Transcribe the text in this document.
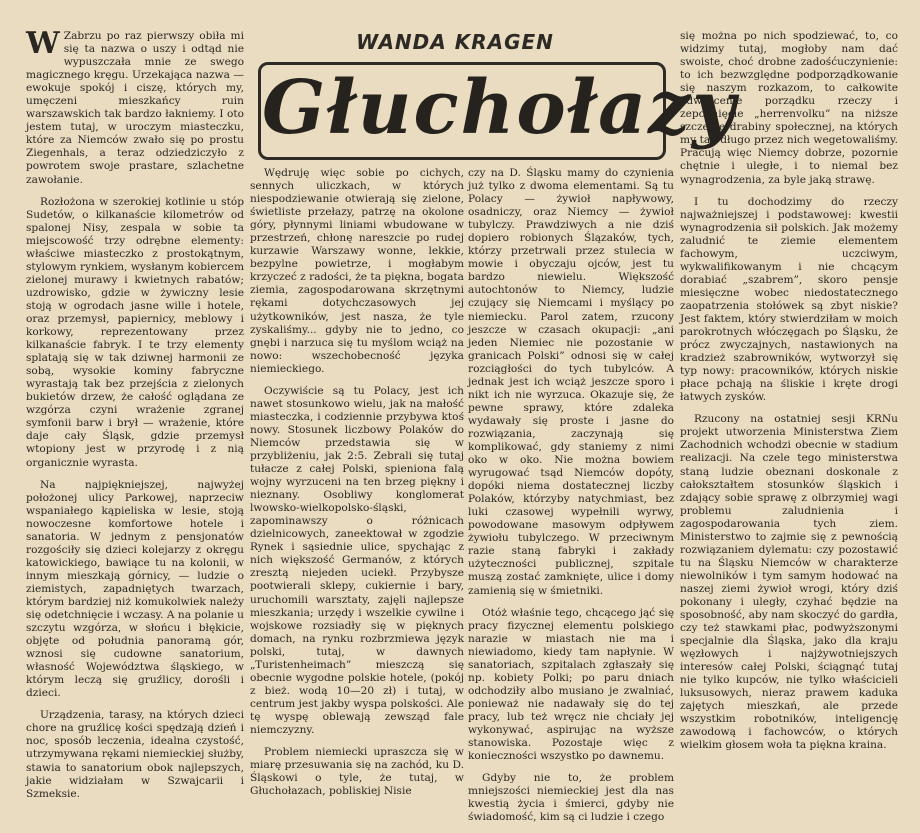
WANDA KRAGEN
Głuchołazy

W Zabrzu po raz pierwszy obiła mi się ta nazwa o uszy i odtąd nie wypuszczała mnie ze swego magicznego kręgu. Urzekająca nazwa — ewokuje spokój i ciszę, których my, umęczeni mieszkańcy ruin warszawskich tak bardzo łakniemy. I oto jestem tutaj, w uroczym miasteczku, które za Niemców zwało się po prostu Ziegenhals, a teraz odziedziczyło z powrotem swoje prastare, szlachetne zawołanie.

Rozłożona w szerokiej kotlinie u stóp Sudetów, o kilkanaście kilometrów od spalonej Nisy, zespala w sobie ta miejscowość trzy odrębne elementy: właściwe miasteczko z prostokątnym, stylowym rynkiem, wysłanym kobiercem zielonej murawy i kwietnych rabatów; uzdrowisko, gdzie w żywiczny lesie stoją w ogrodach jasne wille i hotele, oraz przemysł, papiernicy, meblowy i korkowy, reprezentowany przez kilkanaście fabryk. I te trzy elementy splatają się w tak dziwnej harmonii ze sobą, wysokie kominy fabryczne wyrastają tak bez przejścia z zielonych bukietów drzew, że całość oglądana ze wzgórza czyni wrażenie zgranej symfonii barw i brył — wrażenie, które daje cały Śląsk, gdzie przemysł wtopiony jest w przyrodę i z nią organicznie wyrasta.

Na najpiękniejszej, najwyżej położonej ulicy Parkowej, naprzeciw wspaniałego kąpieliska w lesie, stoją nowoczesne komfortowe hotele i sanatoria. W jednym z pensjonatów rozgościły się dzieci kolejarzy z okręgu katowickiego, bawiące tu na kolonii, w innym mieszkają górnicy, — ludzie o ziemistych, zapadniętych twarzach, którym bardziej niż komukolwiek należy się odetchnięcie i wczasy. A na polanie u szczytu wzgórza, w słońcu i błękicie, objęte od południa panoramą gór, wznosi się cudowne sanatorium, własność Województwa śląskiego, w którym leczą się gruźlicy, dorośli i dzieci.

Urządzenia, tarasy, na których dzieci chore na gruźlicę kości spędzają dzień i noc, sposób leczenia, idealna czystość, utrzymywana rękami niemieckiej służby, stawia to sanatorium obok najlepszych, jakie widziałam w Szwajcarii i Szmeksie.

Wędruję więc sobie po cichych, sennych uliczkach, w których niespodziewanie otwierają się zielone, świetliste przełazy, patrzę na okolone góry, płynnymi liniami wbudowane w przestrzeń, chłonę nareszcie po rudej kurzawie Warszawy wonne, lekkie, bezpylne powietrze, i mogłabym krzyczeć z radości, że ta piękna, bogata ziemia, zagospodarowana skrzętnymi rękami dotychczasowych jej użytkowników, jest nasza, że tyle zyskaliśmy... gdyby nie to jedno, co gnębi i narzuca się tu myślom wciąż na nowo: wszechobecność języka niemieckiego.

Oczywiście są tu Polacy, jest ich nawet stosunkowo wielu, jak na małość miasteczka, i codziennie przybywa ktoś nowy. Stosunek liczbowy Polaków do Niemców przedstawia się w przybliżeniu, jak 2:5. Zebrali się tutaj tułacze z całej Polski, spieniona falą wojny wyrzuceni na ten brzeg piękny i nieznany. Osobliwy konglomerat lwowsko-wielkopolsko-śląski, zapominawszy o różnicach dzielnicowych, zaneektował w zgodzie Rynek i sąsiednie ulice, spychając z nich większość Germanów, z których zresztą niejeden uciekł. Przybysze pootwierali sklepy, cukiernie i bary, uruchomili warsztaty, zajęli najlepsze mieszkania; urzędy i wszelkie cywilne i wojskowe rozsiadły się w pięknych domach, na rynku rozbrzmiewa język polski, tutaj, w dawnych „Turistenheimach” mieszczą się obecnie wygodne polskie hotele, (pokój z bież. wodą 10—20 zł) i tutaj, w centrum jest jakby wyspa polskości. Ale tę wyspę oblewają zewsząd fale niemczyzny.

Problem niemiecki upraszcza się w miarę przesuwania się na zachód, ku D. Śląskowi o tyle, że tutaj, w Głuchołazach, pobliskiej Nisie

czy na D. Śląsku mamy do czynienia już tylko z dwoma elementami. Są tu Polacy — żywioł napływowy, osadniczy, oraz Niemcy — żywioł tubylczy. Prawdziwych a nie dziś dopiero robionych Ślązaków, tych, którzy przetrwali przez stulecia w mowie i obyczaju ojców, jest tu bardzo niewielu. Większość autochtonów to Niemcy, ludzie czujący się Niemcami i myślący po niemiecku. Parol zatem, rzucony jeszcze w czasach okupacji: „ani jeden Niemiec nie pozostanie w granicach Polski” odnosi się w całej rozciągłości do tych tubylców. A jednak jest ich wciąż jeszcze sporo i nikt ich nie wyrzuca. Okazuje się, że pewne sprawy, które zdaleka wydawały się proste i jasne do rozwiązania, zaczynają się komplikować, gdy staniemy z nimi oko w oko. Nie można bowiem wyrugować tsąd Niemców dopóty, dopóki niema dostatecznej liczby Polaków, którzyby natychmiast, bez luki czasowej wypełnili wyrwy, powodowane masowym odpływem żywiołu tubylczego. W przeciwnym razie staną fabryki i zakłady użyteczności publicznej, szpitale muszą zostać zamknięte, ulice i domy zamienią się w śmietniki.

Otóż właśnie tego, chcącego jąć się pracy fizycznej elementu polskiego narazie w miastach nie ma i niewiadomo, kiedy tam napłynie. W sanatoriach, szpitalach zgłaszały się np. kobiety Polki; po paru dniach odchodziły albo musiano je zwalniać, ponieważ nie nadawały się do tej pracy, lub też wręcz nie chciały jej wykonywać, aspirując na wyższe stanowiska. Pozostaje więc z konieczności wszystko po dawnemu.

Gdyby nie to, że problem mniejszości niemieckiej jest dla nas kwestią życia i śmierci, gdyby nie świadomość, kim są ci ludzie i czego

się można po nich spodziewać, to, co widzimy tutaj, mogłoby nam dać swoiste, choć drobne zadośćuczynienie: to ich bezwzględne podporządkowanie się naszym rozkazom, to całkowite odwrócenie porządku rzeczy i zepchnięcie „herrenvolku” na niższe szczeble drabiny społecznej, na których my tak długo przez nich wegetowaliśmy. Pracują więc Niemcy dobrze, pozornie chętnie i uległe, i to niemal bez wynagrodzenia, za byle jaką strawę.

I tu dochodzimy do rzeczy najważniejszej i podstawowej: kwestii wynagrodzenia sił polskich. Jak możemy zaludnić te ziemie elementem fachowym, uczciwym, wykwalifikowanym i nie chcącym dorabiać „szabrem”, skoro pensje miesięczne wobec niedostatecznego zaopatrzenia stołówek są zbyt niskie? Jest faktem, który stwierdziłam w moich parokrotnych włóczęgach po Śląsku, że prócz zwyczajnych, nastawionych na kradzież szabrowników, wytworzył się typ nowy: pracowników, których niskie płace pchają na śliskie i kręte drogi łatwych zysków.

Rzucony na ostatniej sesji KRNu projekt utworzenia Ministerstwa Ziem Zachodnich wchodzi obecnie w stadium realizacji. Na czele tego ministerstwa staną ludzie obeznani doskonale z całokształtem stosunków śląskich i zdający sobie sprawę z olbrzymiej wagi problemu zaludnienia i zagospodarowania tych ziem. Ministerstwo to zajmie się z pewnością rozwiązaniem dylematu: czy pozostawić tu na Śląsku Niemców w charakterze niewolników i tym samym hodować na naszej ziemi żywioł wrogi, który dziś pokonany i uległy, czyhać będzie na sposobność, aby nam skoczyć do gardła, czy też stawkami płac, podwyższonymi specjalnie dla Śląska, jako dla kraju węzłowych i najżywotniejszych interesów całej Polski, ściągnąć tutaj nie tylko kupców, nie tylko właścicieli luksusowych, nieraz prawem kaduka zajętych mieszkań, ale przede wszystkim robotników, inteligencję zawodową i fachowców, o których wielkim głosem woła ta piękna kraina.
